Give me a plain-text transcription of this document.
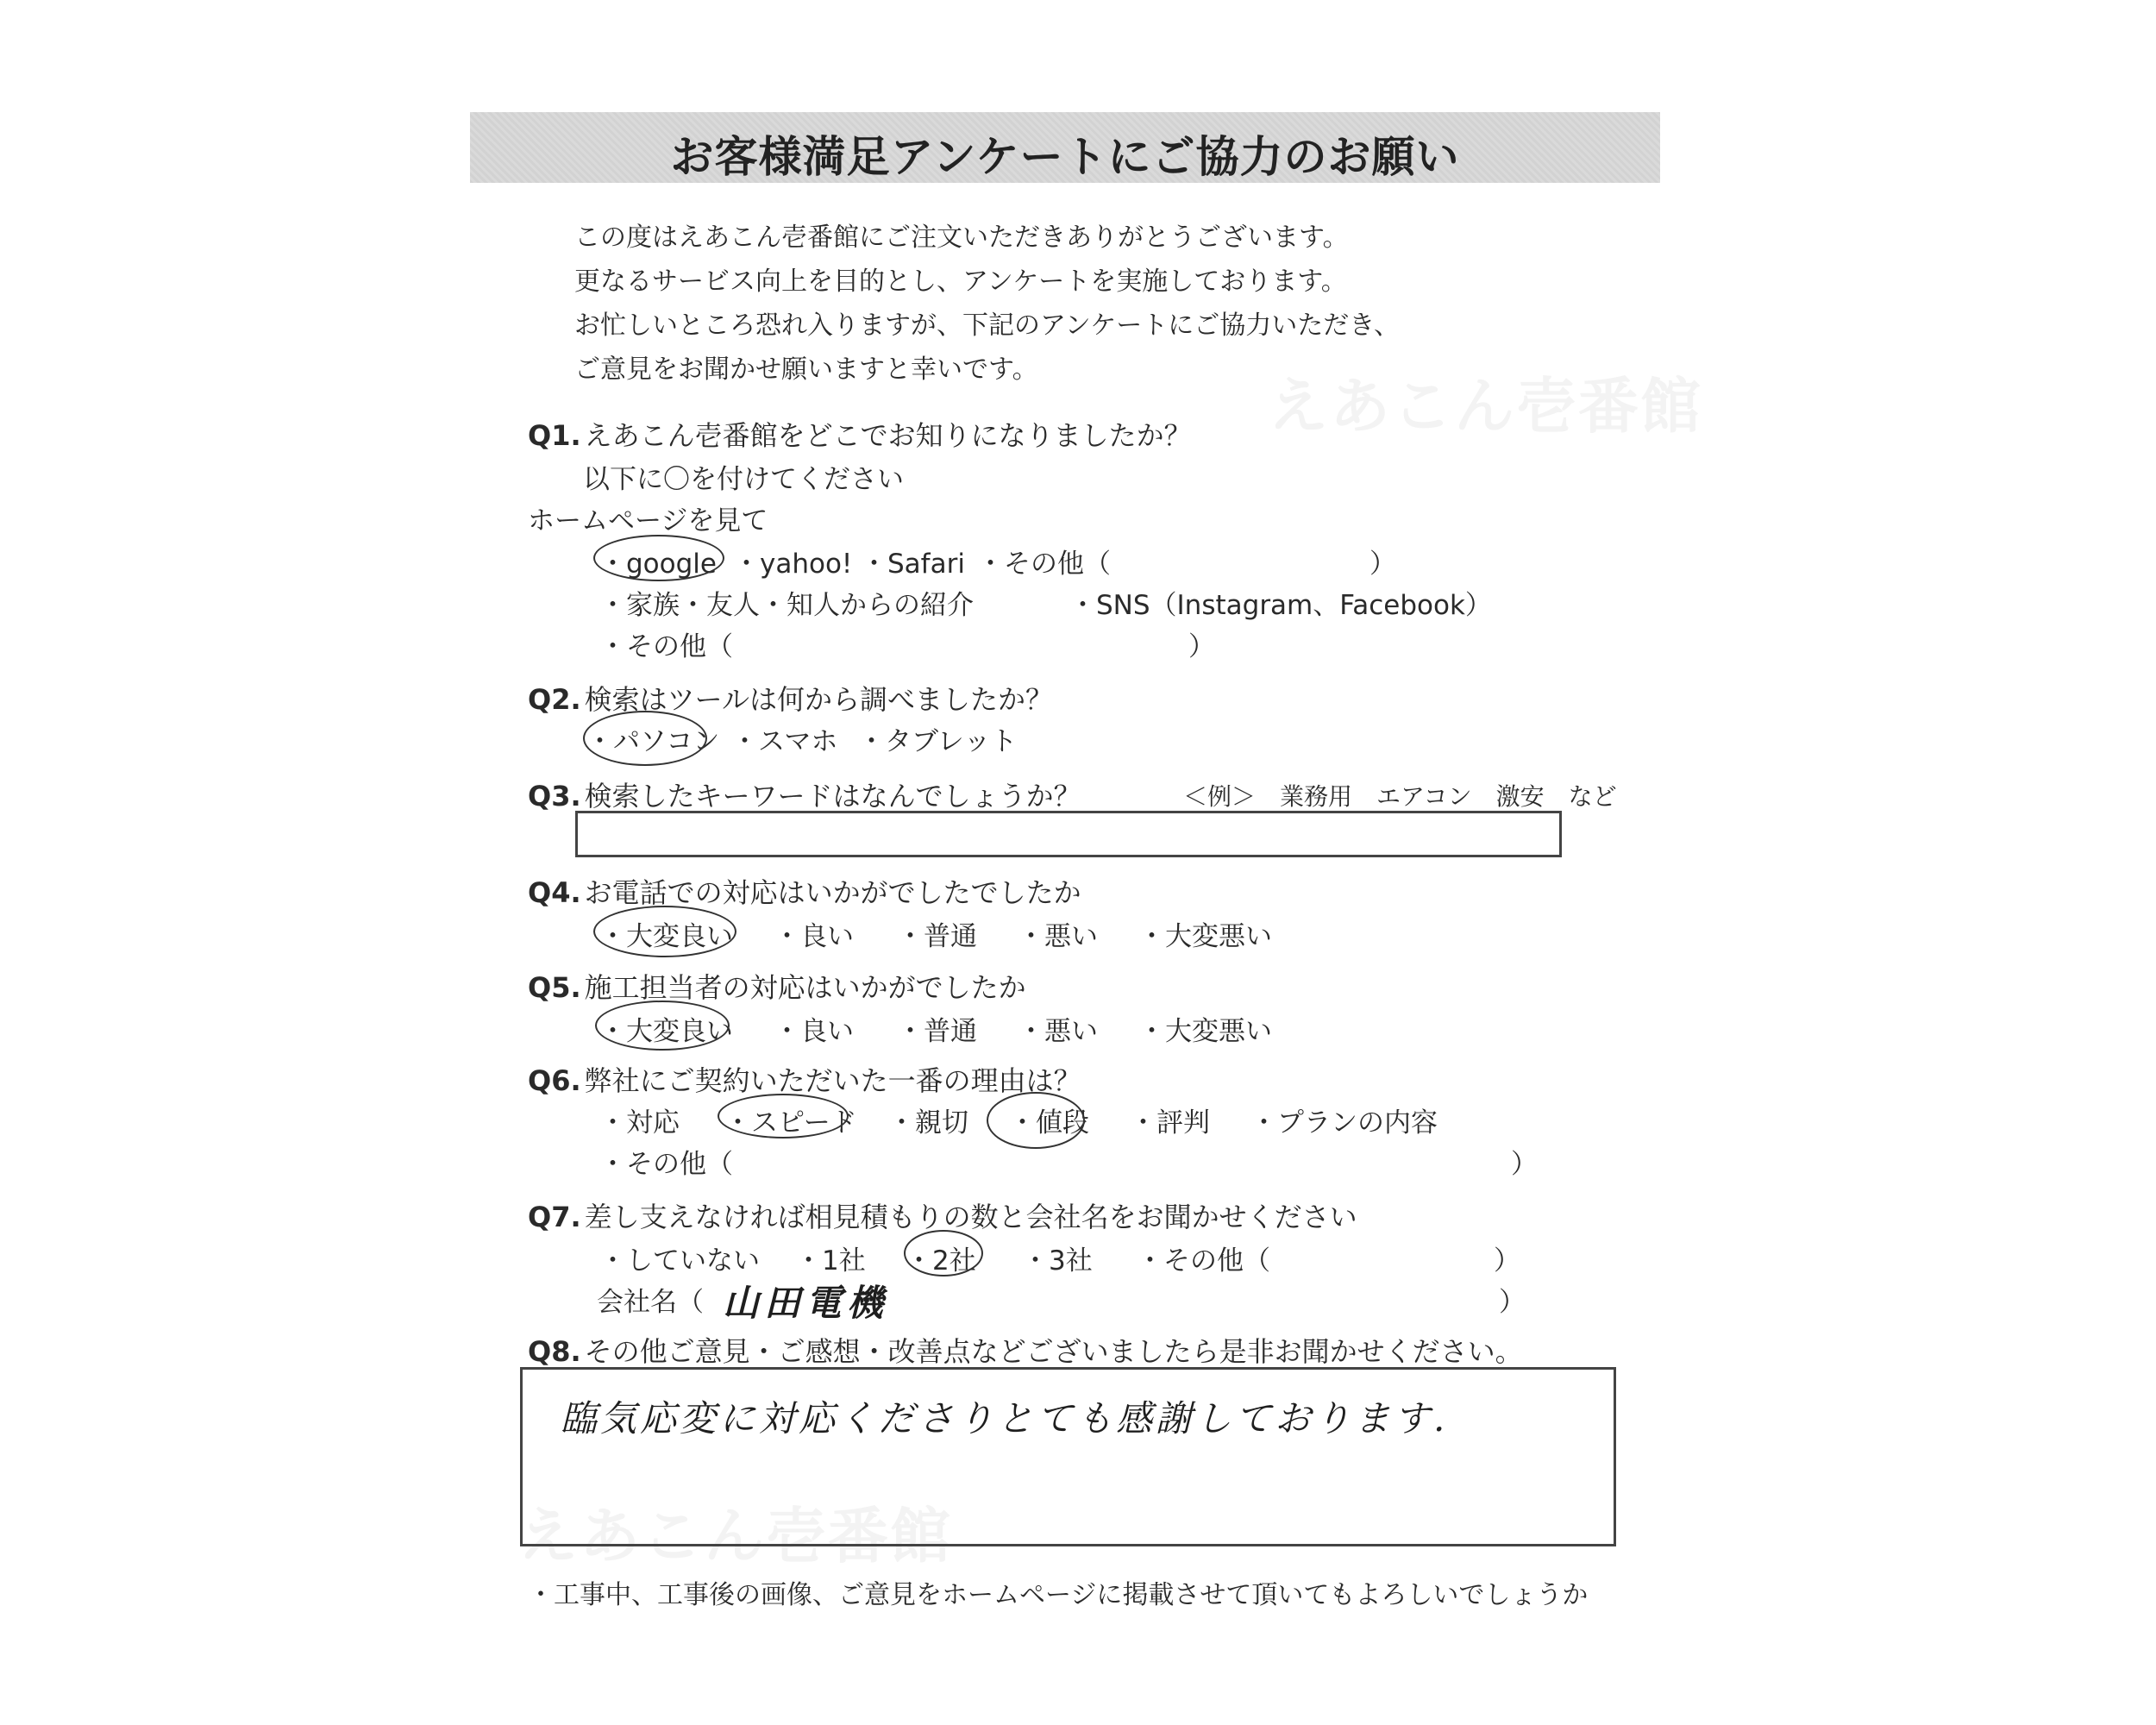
お客様満足アンケートにご協力のお願い
えあこん壱番館
えあこん壱番館
この度はえあこん壱番館にご注文いただきありがとうございます。
更なるサービス向上を目的とし、アンケートを実施しております。
お忙しいところ恐れ入りますが、下記のアンケートにご協力いただき、
ご意見をお聞かせ願いますと幸いです。
Q1. えあこん壱番館をどこでお知りになりましたか？
以下に〇を付けてください
ホームページを見て
・google ・yahoo! ・Safari ・その他（	）
・家族・友人・知人からの紹介	・SNS（Instagram、Facebook）
・その他（	）
Q2. 検索はツールは何から調べましたか？
・パソコン ・スマホ ・タブレット
Q3. 検索したキーワードはなんでしょうか？	＜例＞　業務用　エアコン　激安　など
Q4. お電話での対応はいかがでしたでしたか
・大変良い ・良い ・普通 ・悪い ・大変悪い
Q5. 施工担当者の対応はいかがでしたか
・大変良い ・良い ・普通 ・悪い ・大変悪い
Q6. 弊社にご契約いただいた一番の理由は？
・対応 ・スピード ・親切 ・値段 ・評判 ・プランの内容
・その他（	）
Q7. 差し支えなければ相見積もりの数と会社名をお聞かせください
・していない ・1社 ・2社 ・3社 ・その他（	）
会社名（ 山田電機	）
Q8. その他ご意見・ご感想・改善点などございましたら是非お聞かせください。
臨気応変に対応くださりとても感謝しております.
・工事中、工事後の画像、ご意見をホームページに掲載させて頂いてもよろしいでしょうか
